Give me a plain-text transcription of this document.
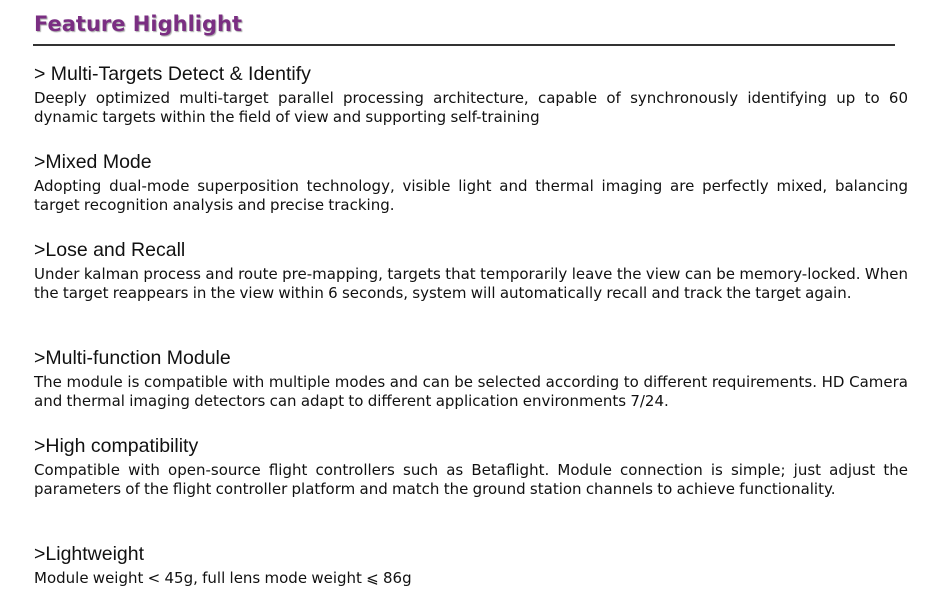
Feature Highlight
> Multi-Targets Detect & Identify
Deeply optimized multi-target parallel processing architecture, capable of synchronously identifying up to 60 dynamic targets within the field of view and supporting self-training
>Mixed Mode
Adopting dual-mode superposition technology, visible light and thermal imaging are perfectly mixed, balancing target recognition analysis and precise tracking.
>Lose and Recall
Under kalman process and route pre-mapping, targets that temporarily leave the view can be memory-locked. When the target reappears in the view within 6 seconds, system will automatically recall and track the target again.
>Multi-function Module
The module is compatible with multiple modes and can be selected according to different requirements. HD Camera and thermal imaging detectors can adapt to different application environments 7/24.
>High compatibility
Compatible with open-source flight controllers such as Betaflight. Module connection is simple; just adjust the parameters of the flight controller platform and match the ground station channels to achieve functionality.
>Lightweight
Module weight < 45g, full lens mode weight ⩽ 86g
